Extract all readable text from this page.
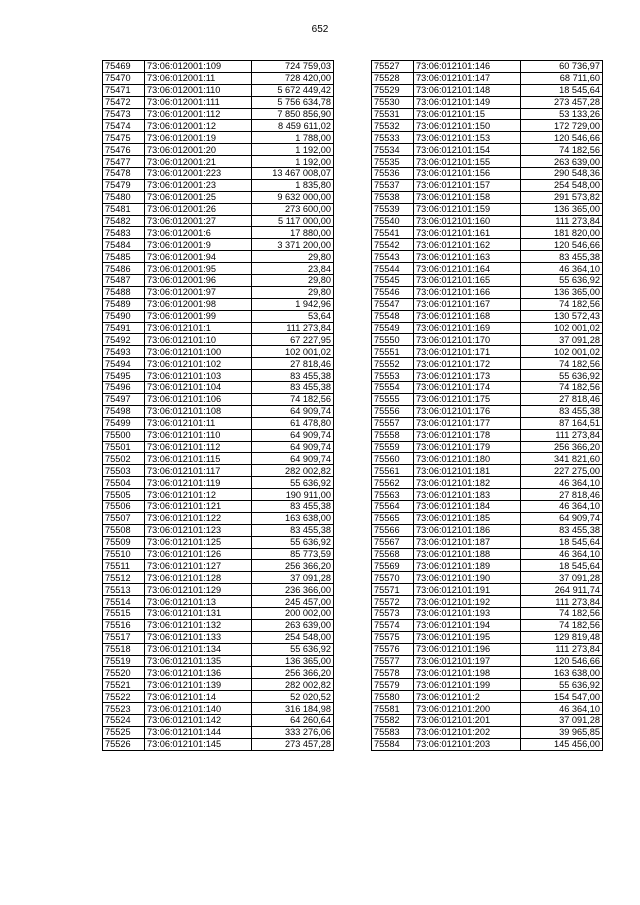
652
75469	73:06:012001:109	724 759,03
75470	73:06:012001:11	728 420,00
75471	73:06:012001:110	5 672 449,42
75472	73:06:012001:111	5 756 634,78
75473	73:06:012001:112	7 850 856,90
75474	73:06:012001:12	8 459 611,02
75475	73:06:012001:19	1 788,00
75476	73:06:012001:20	1 192,00
75477	73:06:012001:21	1 192,00
75478	73:06:012001:223	13 467 008,07
75479	73:06:012001:23	1 835,80
75480	73:06:012001:25	9 632 000,00
75481	73:06:012001:26	273 600,00
75482	73:06:012001:27	5 117 000,00
75483	73:06:012001:6	17 880,00
75484	73:06:012001:9	3 371 200,00
75485	73:06:012001:94	29,80
75486	73:06:012001:95	23,84
75487	73:06:012001:96	29,80
75488	73:06:012001:97	29,80
75489	73:06:012001:98	1 942,96
75490	73:06:012001:99	53,64
75491	73:06:012101:1	111 273,84
75492	73:06:012101:10	67 227,95
75493	73:06:012101:100	102 001,02
75494	73:06:012101:102	27 818,46
75495	73:06:012101:103	83 455,38
75496	73:06:012101:104	83 455,38
75497	73:06:012101:106	74 182,56
75498	73:06:012101:108	64 909,74
75499	73:06:012101:11	61 478,80
75500	73:06:012101:110	64 909,74
75501	73:06:012101:112	64 909,74
75502	73:06:012101:115	64 909,74
75503	73:06:012101:117	282 002,82
75504	73:06:012101:119	55 636,92
75505	73:06:012101:12	190 911,00
75506	73:06:012101:121	83 455,38
75507	73:06:012101:122	163 638,00
75508	73:06:012101:123	83 455,38
75509	73:06:012101:125	55 636,92
75510	73:06:012101:126	85 773,59
75511	73:06:012101:127	256 366,20
75512	73:06:012101:128	37 091,28
75513	73:06:012101:129	236 366,00
75514	73:06:012101:13	245 457,00
75515	73:06:012101:131	200 002,00
75516	73:06:012101:132	263 639,00
75517	73:06:012101:133	254 548,00
75518	73:06:012101:134	55 636,92
75519	73:06:012101:135	136 365,00
75520	73:06:012101:136	256 366,20
75521	73:06:012101:139	282 002,82
75522	73:06:012101:14	52 020,52
75523	73:06:012101:140	316 184,98
75524	73:06:012101:142	64 260,64
75525	73:06:012101:144	333 276,06
75526	73:06:012101:145	273 457,28
75527	73:06:012101:146	60 736,97
75528	73:06:012101:147	68 711,60
75529	73:06:012101:148	18 545,64
75530	73:06:012101:149	273 457,28
75531	73:06:012101:15	53 133,26
75532	73:06:012101:150	172 729,00
75533	73:06:012101:153	120 546,66
75534	73:06:012101:154	74 182,56
75535	73:06:012101:155	263 639,00
75536	73:06:012101:156	290 548,36
75537	73:06:012101:157	254 548,00
75538	73:06:012101:158	291 573,82
75539	73:06:012101:159	136 365,00
75540	73:06:012101:160	111 273,84
75541	73:06:012101:161	181 820,00
75542	73:06:012101:162	120 546,66
75543	73:06:012101:163	83 455,38
75544	73:06:012101:164	46 364,10
75545	73:06:012101:165	55 636,92
75546	73:06:012101:166	136 365,00
75547	73:06:012101:167	74 182,56
75548	73:06:012101:168	130 572,43
75549	73:06:012101:169	102 001,02
75550	73:06:012101:170	37 091,28
75551	73:06:012101:171	102 001,02
75552	73:06:012101:172	74 182,56
75553	73:06:012101:173	55 636,92
75554	73:06:012101:174	74 182,56
75555	73:06:012101:175	27 818,46
75556	73:06:012101:176	83 455,38
75557	73:06:012101:177	87 164,51
75558	73:06:012101:178	111 273,84
75559	73:06:012101:179	256 366,20
75560	73:06:012101:180	341 821,60
75561	73:06:012101:181	227 275,00
75562	73:06:012101:182	46 364,10
75563	73:06:012101:183	27 818,46
75564	73:06:012101:184	46 364,10
75565	73:06:012101:185	64 909,74
75566	73:06:012101:186	83 455,38
75567	73:06:012101:187	18 545,64
75568	73:06:012101:188	46 364,10
75569	73:06:012101:189	18 545,64
75570	73:06:012101:190	37 091,28
75571	73:06:012101:191	264 911,74
75572	73:06:012101:192	111 273,84
75573	73:06:012101:193	74 182,56
75574	73:06:012101:194	74 182,56
75575	73:06:012101:195	129 819,48
75576	73:06:012101:196	111 273,84
75577	73:06:012101:197	120 546,66
75578	73:06:012101:198	163 638,00
75579	73:06:012101:199	55 636,92
75580	73:06:012101:2	154 547,00
75581	73:06:012101:200	46 364,10
75582	73:06:012101:201	37 091,28
75583	73:06:012101:202	39 965,85
75584	73:06:012101:203	145 456,00
